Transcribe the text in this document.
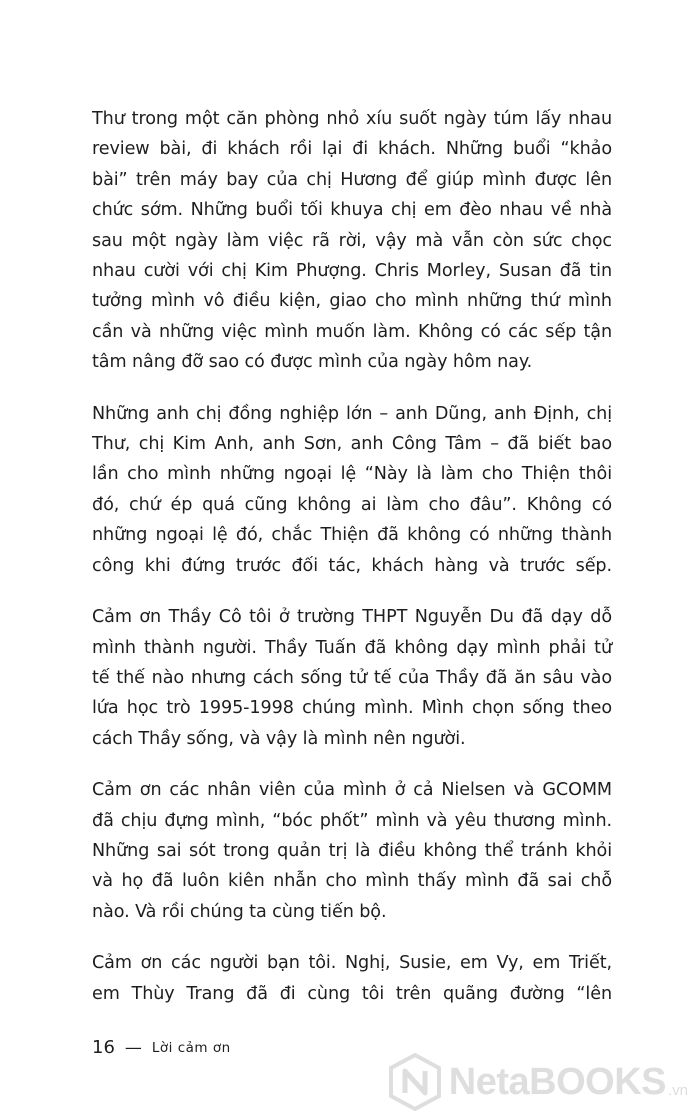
Thư trong một căn phòng nhỏ xíu suốt ngày túm lấy nhau
review bài, đi khách rồi lại đi khách. Những buổi “khảo
bài” trên máy bay của chị Hương để giúp mình được lên
chức sớm. Những buổi tối khuya chị em đèo nhau về nhà
sau một ngày làm việc rã rời, vậy mà vẫn còn sức chọc
nhau cười với chị Kim Phượng. Chris Morley, Susan đã tin
tưởng mình vô điều kiện, giao cho mình những thứ mình
cần và những việc mình muốn làm. Không có các sếp tận
tâm nâng đỡ sao có được mình của ngày hôm nay.

Những anh chị đồng nghiệp lớn – anh Dũng, anh Định, chị
Thư, chị Kim Anh, anh Sơn, anh Công Tâm – đã biết bao
lần cho mình những ngoại lệ “Này là làm cho Thiện thôi
đó, chứ ép quá cũng không ai làm cho đâu”. Không có
những ngoại lệ đó, chắc Thiện đã không có những thành
công khi đứng trước đối tác, khách hàng và trước sếp.

Cảm ơn Thầy Cô tôi ở trường THPT Nguyễn Du đã dạy dỗ
mình thành người. Thầy Tuấn đã không dạy mình phải tử
tế thế nào nhưng cách sống tử tế của Thầy đã ăn sâu vào
lứa học trò 1995-1998 chúng mình. Mình chọn sống theo
cách Thầy sống, và vậy là mình nên người.

Cảm ơn các nhân viên của mình ở cả Nielsen và GCOMM
đã chịu đựng mình, “bóc phốt” mình và yêu thương mình.
Những sai sót trong quản trị là điều không thể tránh khỏi
và họ đã luôn kiên nhẫn cho mình thấy mình đã sai chỗ
nào. Và rồi chúng ta cùng tiến bộ.

Cảm ơn các người bạn tôi. Nghị, Susie, em Vy, em Triết,
em Thùy Trang đã đi cùng tôi trên quãng đường “lên

16 — Lời cảm ơn
NetaBOOKS .vn
